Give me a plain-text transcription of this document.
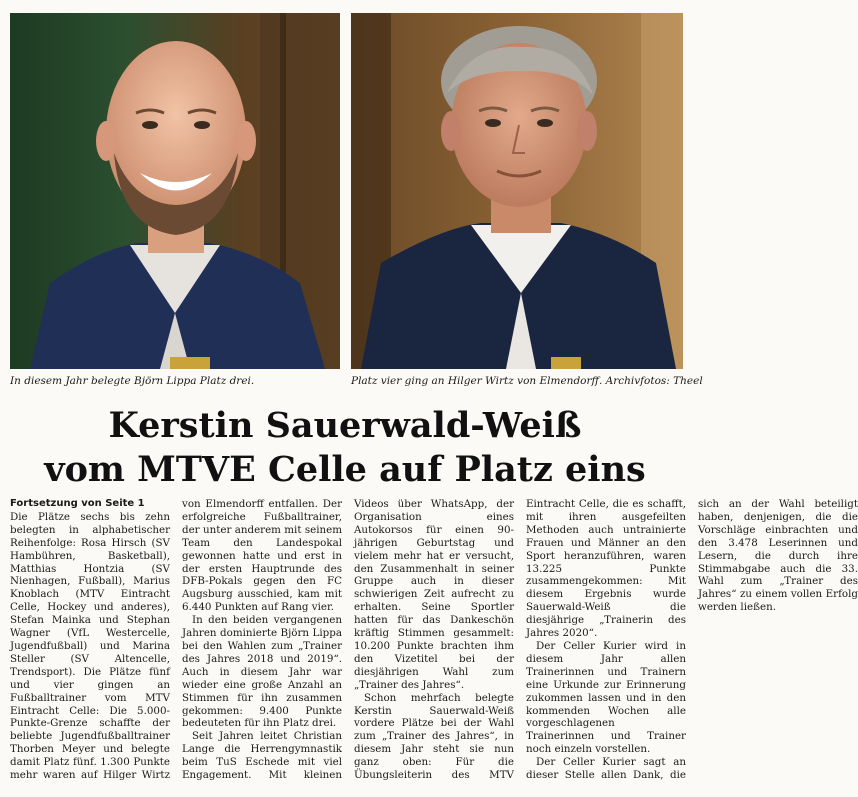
In diesem Jahr belegte Björn Lippa Platz drei.	Platz vier ging an Hilger Wirtz von Elmendorff. Archivfotos: Theel
Kerstin Sauerwald-Weiß
vom MTVE Celle auf Platz eins

Fortsetzung von Seite 1
Die Plätze sechs bis zehn belegten in alphabetischer Reihenfolge: Rosa Hirsch (SV Hambühren, Basketball), Matthias Hontzia (SV Nienhagen, Fußball), Marius Knoblach (MTV Eintracht Celle, Hockey und anderes), Stefan Mainka und Stephan Wagner (VfL Westercelle, Jugendfußball) und Marina Steller (SV Altencelle, Trendsport). Die Plätze fünf und vier gingen an Fußballtrainer vom MTV Eintracht Celle: Die 5.000-Punkte-Grenze schaffte der beliebte Jugendfußballtrainer Thorben Meyer und belegte damit Platz fünf. 1.300 Punkte mehr waren auf Hilger Wirtz von Elmendorff entfallen. Der erfolgreiche Fußballtrainer, der unter anderem mit seinem Team den Landespokal gewonnen hatte und erst in der ersten Hauptrunde des DFB-Pokals gegen den FC Augsburg ausschied, kam mit 6.440 Punkten auf Rang vier.

In den beiden vergangenen Jahren dominierte Björn Lippa bei den Wahlen zum „Trainer des Jahres 2018 und 2019“. Auch in diesem Jahr war wieder eine große Anzahl an Stimmen für ihn zusammen gekommen: 9.400 Punkte bedeuteten für ihn Platz drei.

Seit Jahren leitet Christian Lange die Herrengymnastik beim TuS Eschede mit viel Engagement. Mit kleinen Videos über WhatsApp, der Organisation eines Autokorsos für einen 90-jährigen Geburtstag und vielem mehr hat er versucht, den Zusammenhalt in seiner Gruppe auch in dieser schwierigen Zeit aufrecht zu erhalten. Seine Sportler hatten für das Dankeschön kräftig Stimmen gesammelt: 10.200 Punkte brachten ihm den Vizetitel bei der diesjährigen Wahl zum „Trainer des Jahres“.

Schon mehrfach belegte Kerstin Sauerwald-Weiß vordere Plätze bei der Wahl zum „Trainer des Jahres“, in diesem Jahr steht sie nun ganz oben: Für die Übungsleiterin des MTV Eintracht Celle, die es schafft, mit ihren ausgefeilten Methoden auch untrainierte Frauen und Männer an den Sport heranzuführen, waren 13.225 Punkte zusammengekommen: Mit diesem Ergebnis wurde Sauerwald-Weiß die diesjährige „Trainerin des Jahres 2020“.

Der Celler Kurier wird in diesem Jahr allen Trainerinnen und Trainern eine Urkunde zur Erinnerung zukommen lassen und in den kommenden Wochen alle vorgeschlagenen Trainerinnen und Trainer noch einzeln vorstellen.

Der Celler Kurier sagt an dieser Stelle allen Dank, die sich an der Wahl beteiligt haben, denjenigen, die die Vorschläge einbrachten und den 3.478 Leserinnen und Lesern, die durch ihre Stimmabgabe auch die 33. Wahl zum „Trainer des Jahres“ zu einem vollen Erfolg werden ließen.
